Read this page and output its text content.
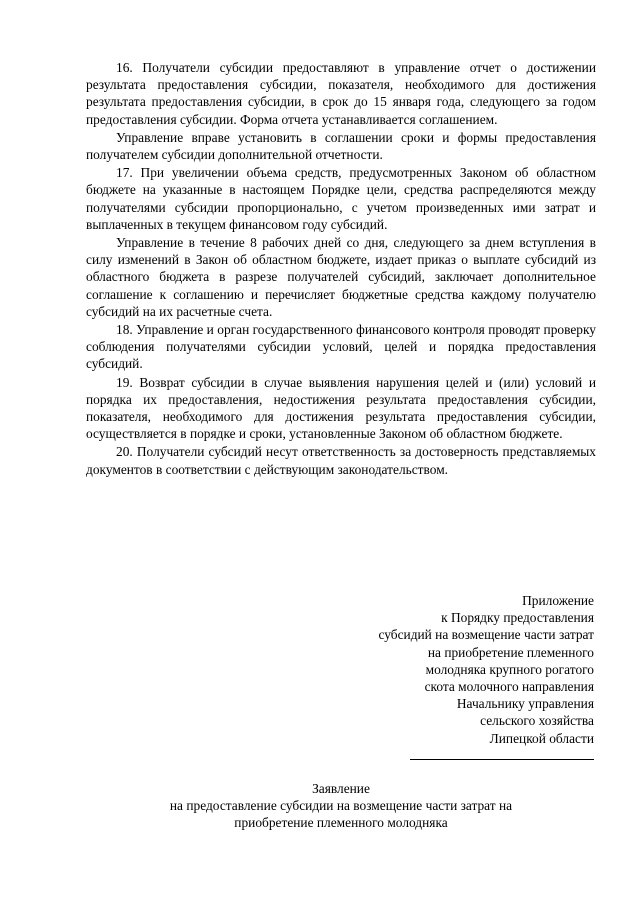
16. Получатели субсидии предоставляют в управление отчет о достижении результата предоставления субсидии, показателя, необходимого для достижения результата предоставления субсидии, в срок до 15 января года, следующего за годом предоставления субсидии. Форма отчета устанавливается соглашением.

Управление вправе установить в соглашении сроки и формы предоставления получателем субсидии дополнительной отчетности.

17. При увеличении объема средств, предусмотренных Законом об областном бюджете на указанные в настоящем Порядке цели, средства распределяются между получателями субсидии пропорционально, с учетом произведенных ими затрат и выплаченных в текущем финансовом году субсидий.

Управление в течение 8 рабочих дней со дня, следующего за днем вступления в силу изменений в Закон об областном бюджете, издает приказ о выплате субсидий из областного бюджета в разрезе получателей субсидий, заключает дополнительное соглашение к соглашению и перечисляет бюджетные средства каждому получателю субсидий на их расчетные счета.

18. Управление и орган государственного финансового контроля проводят проверку соблюдения получателями субсидии условий, целей и порядка предоставления субсидий.

19. Возврат субсидии в случае выявления нарушения целей и (или) условий и порядка их предоставления, недостижения результата предоставления субсидии, показателя, необходимого для достижения результата предоставления субсидии, осуществляется в порядке и сроки, установленные Законом об областном бюджете.

20. Получатели субсидий несут ответственность за достоверность представляемых документов в соответствии с действующим законодательством.

Приложение
к Порядку предоставления
субсидий на возмещение части затрат
на приобретение племенного
молодняка крупного рогатого
скота молочного направления
Начальнику управления
сельского хозяйства
Липецкой области
Заявление
на предоставление субсидии на возмещение части затрат на
приобретение племенного молодняка
